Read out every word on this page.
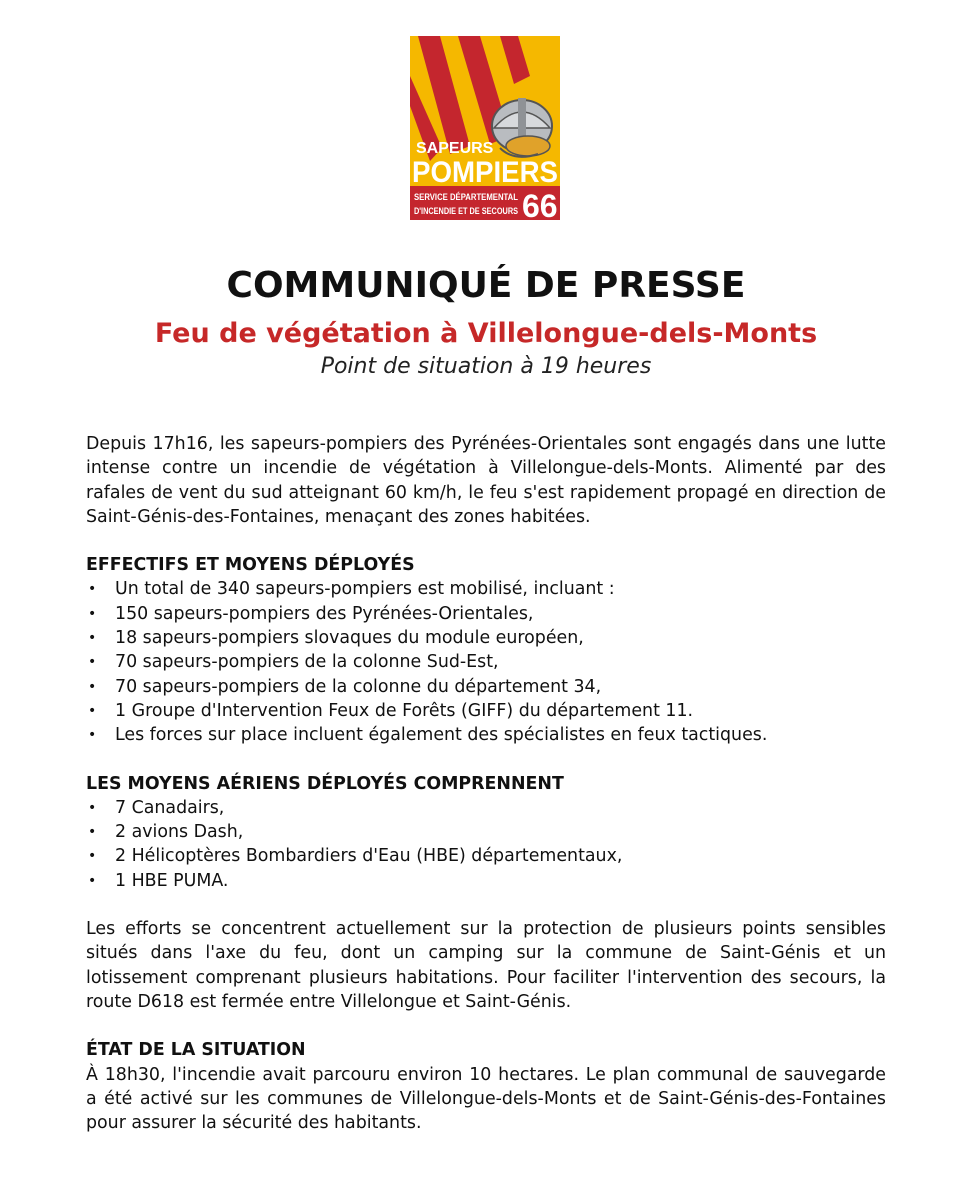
SAPEURS
POMPIERS
SERVICE DÉPARTEMENTAL
D'INCENDIE ET DE SECOURS 66
COMMUNIQUÉ DE PRESSE
Feu de végétation à Villelongue-dels-Monts

Point de situation à 19 heures

Depuis 17h16, les sapeurs-pompiers des Pyrénées-Orientales sont engagés dans une lutte intense contre un incendie de végétation à Villelongue-dels-Monts. Alimenté par des rafales de vent du sud atteignant 60 km/h, le feu s'est rapidement propagé en direction de Saint-Génis-des-Fontaines, menaçant des zones habitées.

EFFECTIFS ET MOYENS DÉPLOYÉS

• Un total de 340 sapeurs-pompiers est mobilisé, incluant :
• 150 sapeurs-pompiers des Pyrénées-Orientales,
• 18 sapeurs-pompiers slovaques du module européen,
• 70 sapeurs-pompiers de la colonne Sud-Est,
• 70 sapeurs-pompiers de la colonne du département 34,
• 1 Groupe d'Intervention Feux de Forêts (GIFF) du département 11.
• Les forces sur place incluent également des spécialistes en feux tactiques.

LES MOYENS AÉRIENS DÉPLOYÉS COMPRENNENT

• 7 Canadairs,
• 2 avions Dash,
• 2 Hélicoptères Bombardiers d'Eau (HBE) départementaux,
• 1 HBE PUMA.

Les efforts se concentrent actuellement sur la protection de plusieurs points sensibles situés dans l'axe du feu, dont un camping sur la commune de Saint-Génis et un lotissement comprenant plusieurs habitations. Pour faciliter l'intervention des secours, la route D618 est fermée entre Villelongue et Saint-Génis.

ÉTAT DE LA SITUATION

À 18h30, l'incendie avait parcouru environ 10 hectares. Le plan communal de sauvegarde a été activé sur les communes de Villelongue-dels-Monts et de Saint-Génis-des-Fontaines pour assurer la sécurité des habitants.
